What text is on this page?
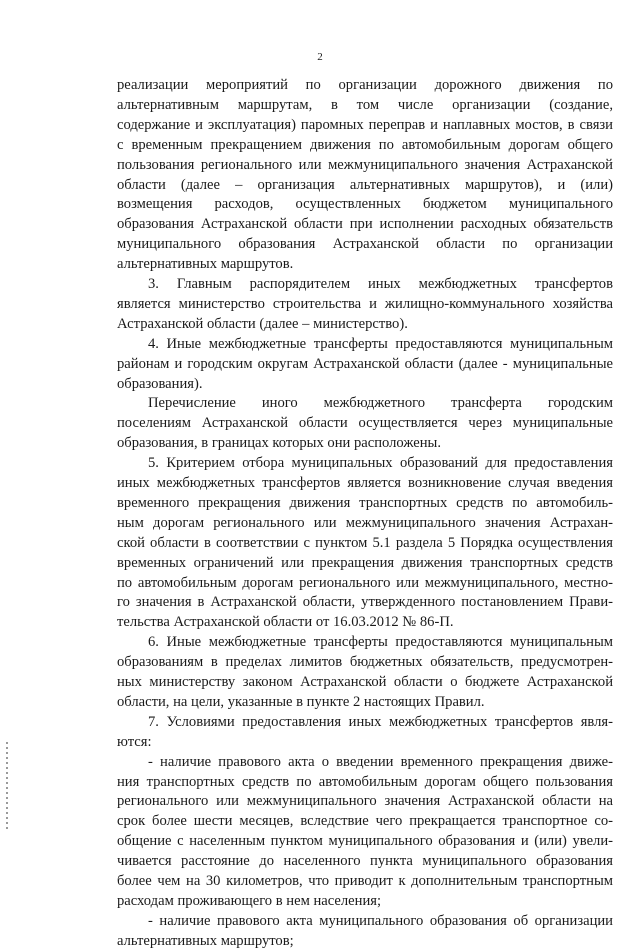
2
реализации мероприятий по организации дорожного движения по
альтернативным маршрутам, в том числе организации (создание,
содержание и эксплуатация) паромных переправ и наплавных мостов, в связи
с временным прекращением движения по автомобильным дорогам общего
пользования регионального или межмуниципального значения Астраханской
области (далее – организация альтернативных маршрутов), и (или)
возмещения расходов, осуществленных бюджетом муниципального
образования Астраханской области при исполнении расходных обязательств
муниципального образования Астраханской области по организации
альтернативных маршрутов.
3. Главным распорядителем иных межбюджетных трансфертов
является министерство строительства и жилищно-коммунального хозяйства
Астраханской области (далее – министерство).
4. Иные межбюджетные трансферты предоставляются муниципальным
районам и городским округам Астраханской области (далее - муниципальные
образования).
Перечисление иного межбюджетного трансферта городским
поселениям Астраханской области осуществляется через муниципальные
образования, в границах которых они расположены.
5. Критерием отбора муниципальных образований для предоставления
иных межбюджетных трансфертов является возникновение случая введения
временного прекращения движения транспортных средств по автомобиль-
ным дорогам регионального или межмуниципального значения Астрахан-
ской области в соответствии с пунктом 5.1 раздела 5 Порядка осуществления
временных ограничений или прекращения движения транспортных средств
по автомобильным дорогам регионального или межмуниципального, местно-
го значения в Астраханской области, утвержденного постановлением Прави-
тельства Астраханской области от 16.03.2012 № 86-П.
6. Иные межбюджетные трансферты предоставляются муниципальным
образованиям в пределах лимитов бюджетных обязательств, предусмотрен-
ных министерству законом Астраханской области о бюджете Астраханской
области, на цели, указанные в пункте 2 настоящих Правил.
7. Условиями предоставления иных межбюджетных трансфертов явля-
ются:
- наличие правового акта о введении временного прекращения движе-
ния транспортных средств по автомобильным дорогам общего пользования
регионального или межмуниципального значения Астраханской области на
срок более шести месяцев, вследствие чего прекращается транспортное со-
общение с населенным пунктом муниципального образования и (или) увели-
чивается расстояние до населенного пункта муниципального образования
более чем на 30 километров, что приводит к дополнительным транспортным
расходам проживающего в нем населения;
- наличие правового акта муниципального образования об организации
альтернативных маршрутов;
